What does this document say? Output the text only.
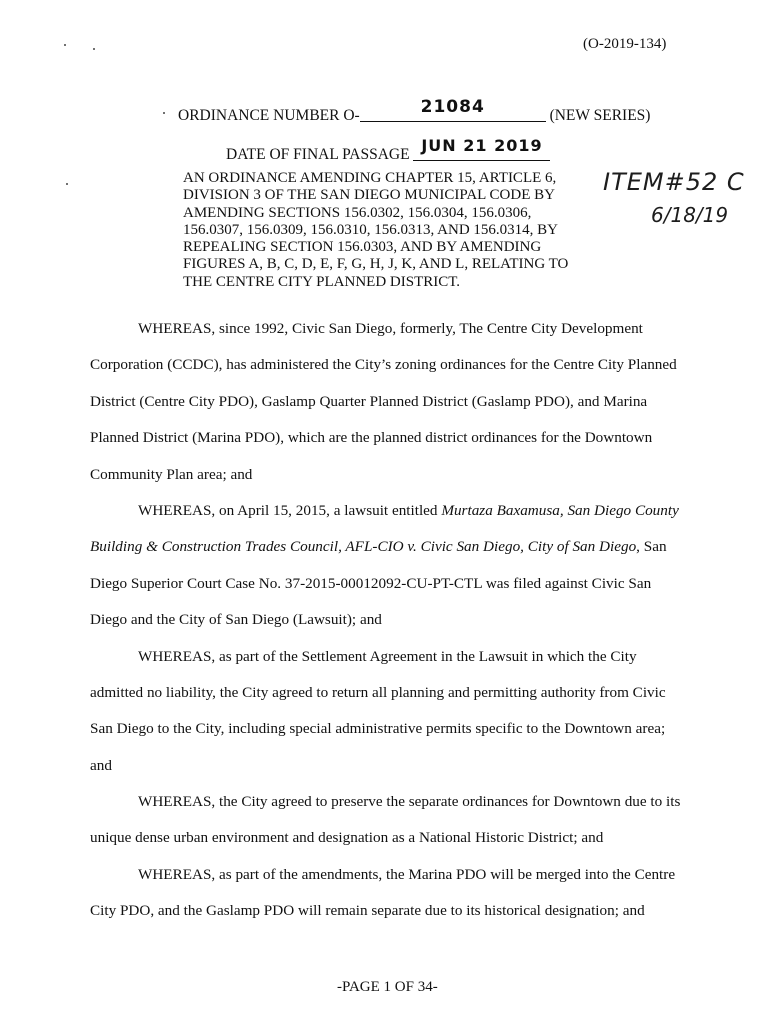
(O-2019-134)
ORDINANCE NUMBER O-	21084	(NEW SERIES)
DATE OF FINAL PASSAGE JUN 21 2019
AN ORDINANCE AMENDING CHAPTER 15, ARTICLE 6,
DIVISION 3 OF THE SAN DIEGO MUNICIPAL CODE BY
AMENDING SECTIONS 156.0302, 156.0304, 156.0306,
156.0307, 156.0309, 156.0310, 156.0313, AND 156.0314, BY
REPEALING SECTION 156.0303, AND BY AMENDING
FIGURES A, B, C, D, E, F, G, H, J, K, AND L, RELATING TO
THE CENTRE CITY PLANNED DISTRICT.
ITEM#52 C
6/18/19
WHEREAS, since 1992, Civic San Diego, formerly, The Centre City Development
Corporation (CCDC), has administered the City’s zoning ordinances for the Centre City Planned
District (Centre City PDO), Gaslamp Quarter Planned District (Gaslamp PDO), and Marina
Planned District (Marina PDO), which are the planned district ordinances for the Downtown
Community Plan area; and
WHEREAS, on April 15, 2015, a lawsuit entitled Murtaza Baxamusa, San Diego County
Building & Construction Trades Council, AFL-CIO v. Civic San Diego, City of San Diego, San
Diego Superior Court Case No. 37-2015-00012092-CU-PT-CTL was filed against Civic San
Diego and the City of San Diego (Lawsuit); and
WHEREAS, as part of the Settlement Agreement in the Lawsuit in which the City
admitted no liability, the City agreed to return all planning and permitting authority from Civic
San Diego to the City, including special administrative permits specific to the Downtown area;
and
WHEREAS, the City agreed to preserve the separate ordinances for Downtown due to its
unique dense urban environment and designation as a National Historic District; and
WHEREAS, as part of the amendments, the Marina PDO will be merged into the Centre
City PDO, and the Gaslamp PDO will remain separate due to its historical designation; and
-PAGE 1 OF 34-
